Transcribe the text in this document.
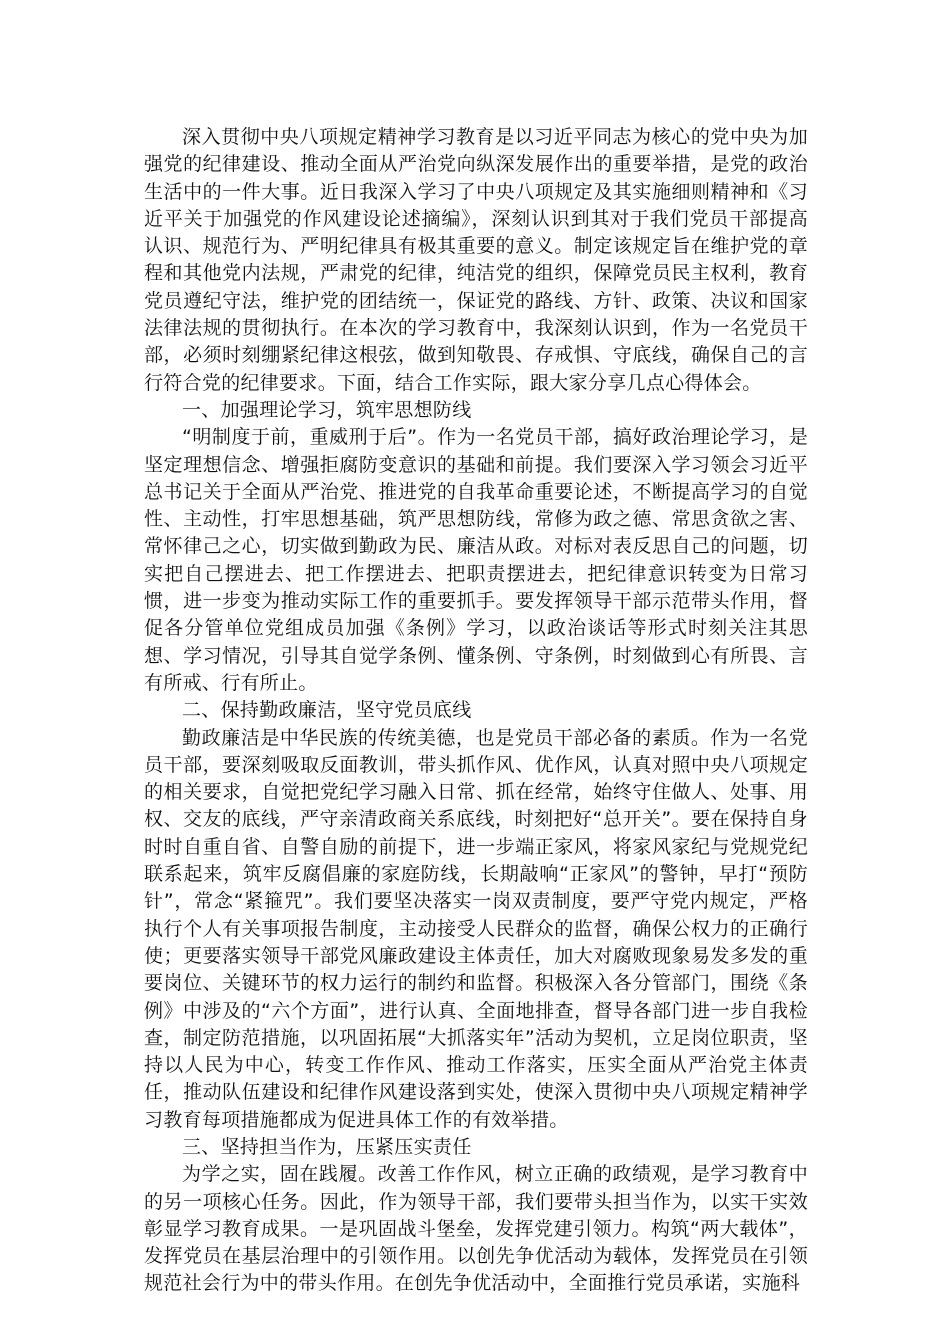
深入贯彻中央八项规定精神学习教育是以习近平同志为核心的党中央为加强党的纪律建设、推动全面从严治党向纵深发展作出的重要举措，是党的政治生活中的一件大事。近日我深入学习了中央八项规定及其实施细则精神和《习近平关于加强党的作风建设论述摘编》，深刻认识到其对于我们党员干部提高认识、规范行为、严明纪律具有极其重要的意义。制定该规定旨在维护党的章程和其他党内法规，严肃党的纪律，纯洁党的组织，保障党员民主权利，教育党员遵纪守法，维护党的团结统一，保证党的路线、方针、政策、决议和国家法律法规的贯彻执行。在本次的学习教育中，我深刻认识到，作为一名党员干部，必须时刻绷紧纪律这根弦，做到知敬畏、存戒惧、守底线，确保自己的言行符合党的纪律要求。下面，结合工作实际，跟大家分享几点心得体会。

一、加强理论学习，筑牢思想防线

“明制度于前，重威刑于后”。作为一名党员干部，搞好政治理论学习，是坚定理想信念、增强拒腐防变意识的基础和前提。我们要深入学习领会习近平总书记关于全面从严治党、推进党的自我革命重要论述，不断提高学习的自觉性、主动性，打牢思想基础，筑严思想防线，常修为政之德、常思贪欲之害、常怀律己之心，切实做到勤政为民、廉洁从政。对标对表反思自己的问题，切实把自己摆进去、把工作摆进去、把职责摆进去，把纪律意识转变为日常习惯，进一步变为推动实际工作的重要抓手。要发挥领导干部示范带头作用，督促各分管单位党组成员加强《条例》学习，以政治谈话等形式时刻关注其思想、学习情况，引导其自觉学条例、懂条例、守条例，时刻做到心有所畏、言有所戒、行有所止。

二、保持勤政廉洁，坚守党员底线

勤政廉洁是中华民族的传统美德，也是党员干部必备的素质。作为一名党员干部，要深刻吸取反面教训，带头抓作风、优作风，认真对照中央八项规定的相关要求，自觉把党纪学习融入日常、抓在经常，始终守住做人、处事、用权、交友的底线，严守亲清政商关系底线，时刻把好“总开关”。要在保持自身时时自重自省、自警自励的前提下，进一步端正家风，将家风家纪与党规党纪联系起来，筑牢反腐倡廉的家庭防线，长期敲响“正家风”的警钟，早打“预防针”，常念“紧箍咒”。我们要坚决落实一岗双责制度，要严守党内规定，严格执行个人有关事项报告制度，主动接受人民群众的监督，确保公权力的正确行使；更要落实领导干部党风廉政建设主体责任，加大对腐败现象易发多发的重要岗位、关键环节的权力运行的制约和监督。积极深入各分管部门，围绕《条例》中涉及的“六个方面”，进行认真、全面地排查，督导各部门进一步自我检查，制定防范措施，以巩固拓展“大抓落实年”活动为契机，立足岗位职责，坚持以人民为中心，转变工作作风、推动工作落实，压实全面从严治党主体责任，推动队伍建设和纪律作风建设落到实处，使深入贯彻中央八项规定精神学习教育每项措施都成为促进具体工作的有效举措。

三、坚持担当作为，压紧压实责任

为学之实，固在践履。改善工作作风，树立正确的政绩观，是学习教育中的另一项核心任务。因此，作为领导干部，我们要带头担当作为，以实干实效彰显学习教育成果。一是巩固战斗堡垒，发挥党建引领力。构筑“两大载体”，发挥党员在基层治理中的引领作用。以创先争优活动为载体，发挥党员在引领规范社会行为中的带头作用。在创先争优活动中，全面推行党员承诺，实施科
